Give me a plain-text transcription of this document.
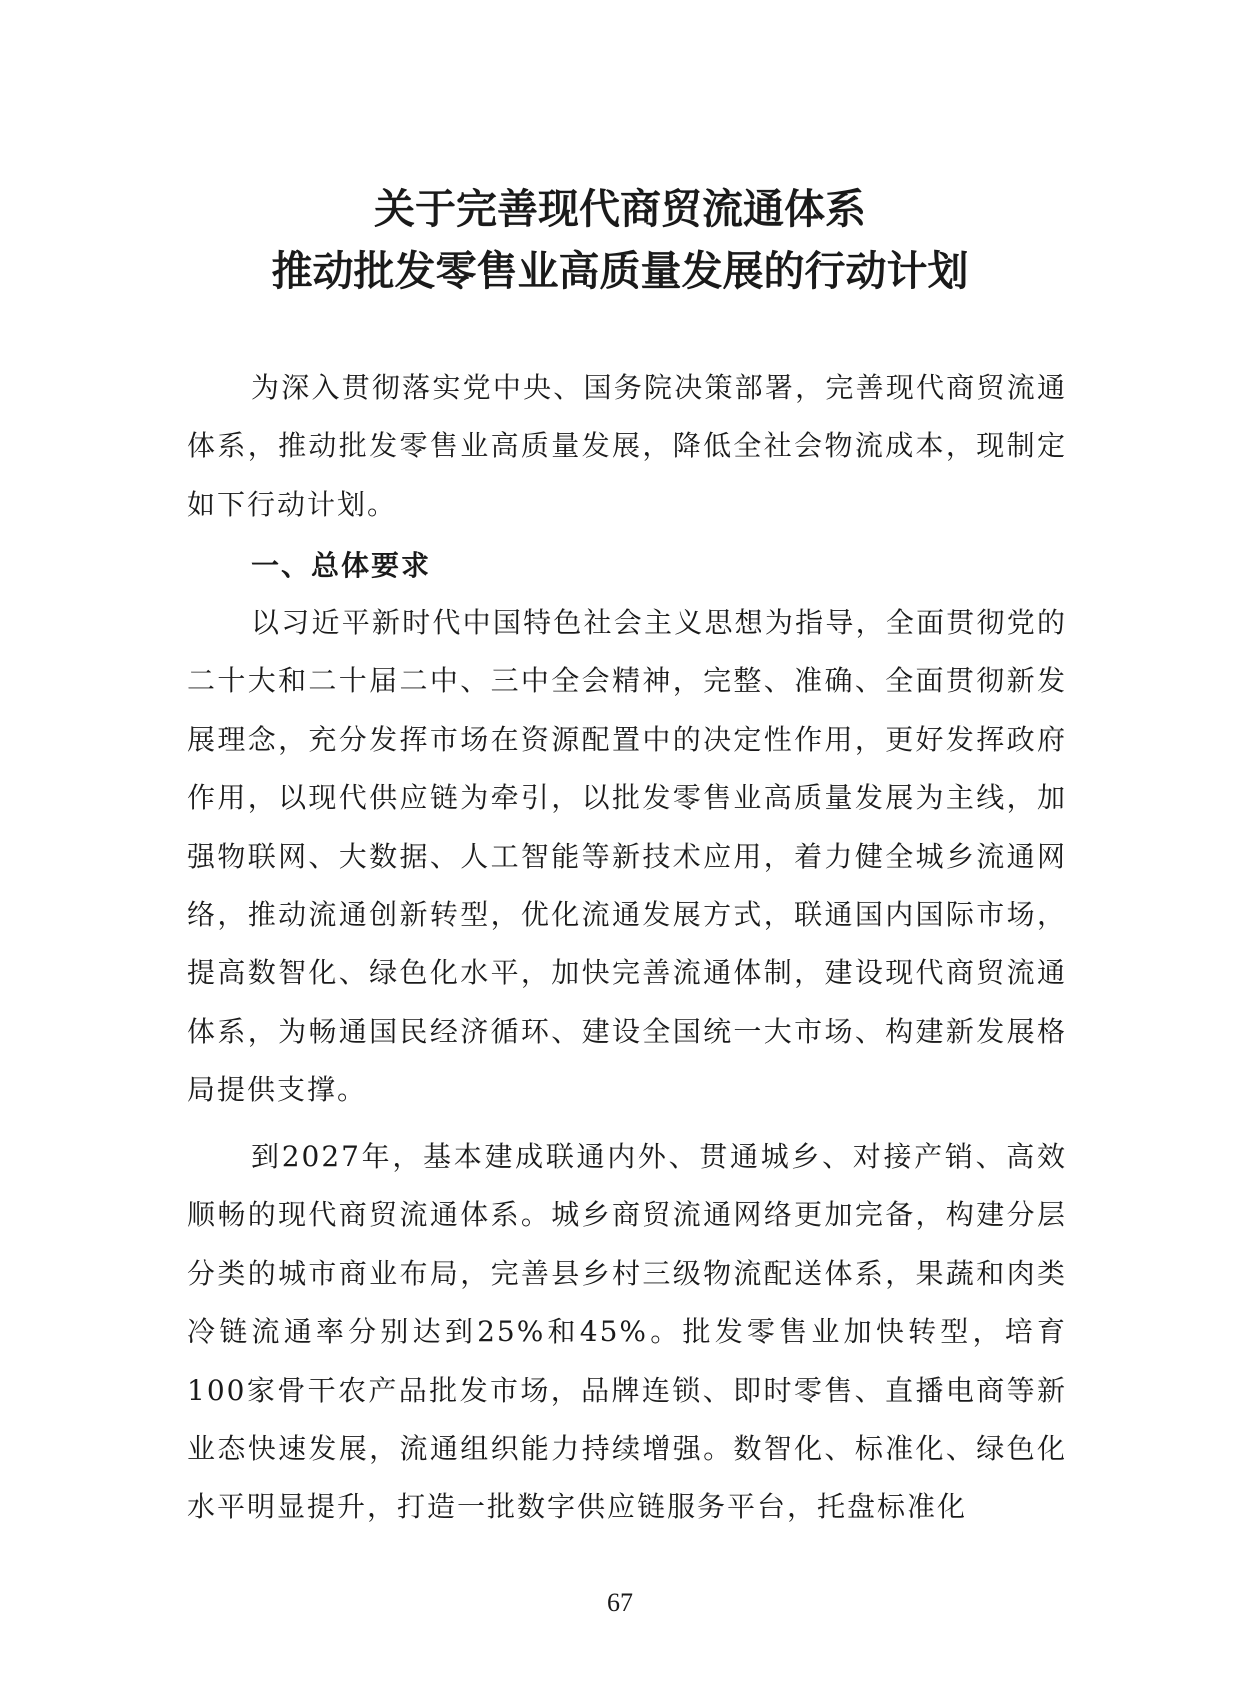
关于完善现代商贸流通体系
推动批发零售业高质量发展的行动计划

为深入贯彻落实党中央、国务院决策部署，完善现代商贸流通体系，推动批发零售业高质量发展，降低全社会物流成本，现制定如下行动计划。

一、总体要求

以习近平新时代中国特色社会主义思想为指导，全面贯彻党的二十大和二十届二中、三中全会精神，完整、准确、全面贯彻新发展理念，充分发挥市场在资源配置中的决定性作用，更好发挥政府作用，以现代供应链为牵引，以批发零售业高质量发展为主线，加强物联网、大数据、人工智能等新技术应用，着力健全城乡流通网络，推动流通创新转型，优化流通发展方式，联通国内国际市场，提高数智化、绿色化水平，加快完善流通体制，建设现代商贸流通体系，为畅通国民经济循环、建设全国统一大市场、构建新发展格局提供支撑。

到2027年，基本建成联通内外、贯通城乡、对接产销、高效顺畅的现代商贸流通体系。城乡商贸流通网络更加完备，构建分层分类的城市商业布局，完善县乡村三级物流配送体系，果蔬和肉类冷链流通率分别达到25%和45%。批发零售业加快转型，培育100家骨干农产品批发市场，品牌连锁、即时零售、直播电商等新业态快速发展，流通组织能力持续增强。数智化、标准化、绿色化水平明显提升，打造一批数字供应链服务平台，托盘标准化

67
